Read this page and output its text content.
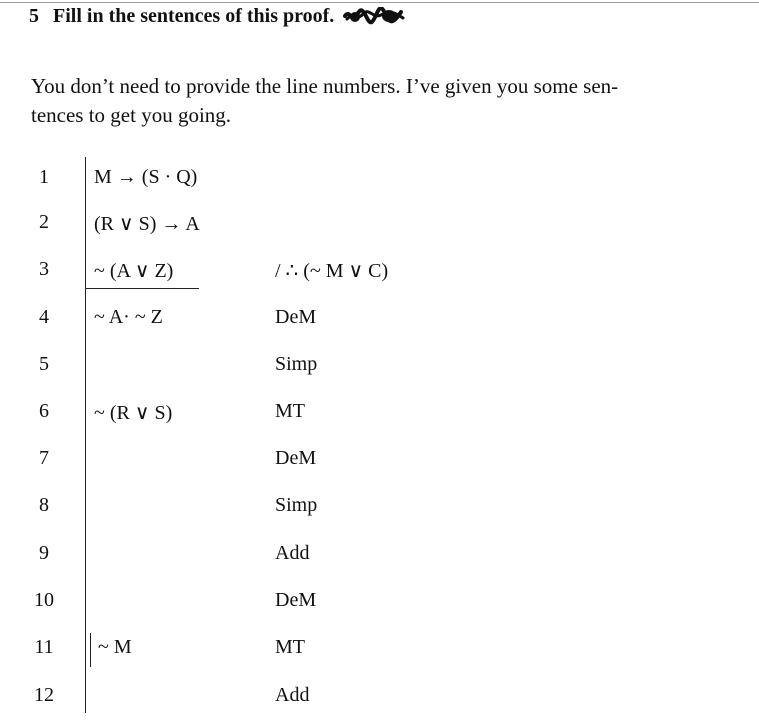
5 Fill in the sentences of this proof.
You don’t need to provide the line numbers. I’ve given you some sen-
tences to get you going.
1
2
3
4
5
6
7
8
9
10
11
12
M → (S · Q)
(R ∨ S) → A
~ (A ∨ Z)
~ A· ~ Z
~ (R ∨ S)
~ M
/ ∴ (~ M ∨ C)
DeM
Simp
MT
DeM
Simp
Add
DeM
MT
Add
